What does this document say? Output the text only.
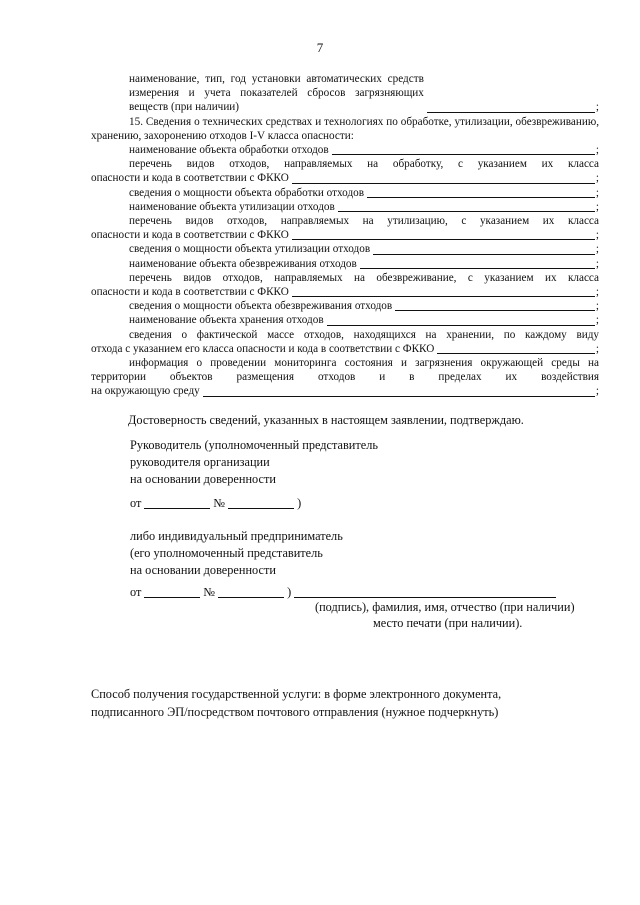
7
наименование, тип, год установки автоматических средств измерения и учета показателей сбросов загрязняющих веществ (при наличии)	;
15. Сведения о технических средствах и технологиях по обработке, утилизации, обезвреживанию, хранению, захоронению отходов I-V класса опасности:
наименование объекта обработки отходов	;
перечень видов отходов, направляемых на обработку, с указанием их класса
опасности и кода в соответствии с ФККО	;
сведения о мощности объекта обработки отходов	;
наименование объекта утилизации отходов	;
перечень видов отходов, направляемых на утилизацию, с указанием их класса
опасности и кода в соответствии с ФККО	;
сведения о мощности объекта утилизации отходов	;
наименование объекта обезвреживания отходов	;
перечень видов отходов, направляемых на обезвреживание, с указанием их класса
опасности и кода в соответствии с ФККО	;
сведения о мощности объекта обезвреживания отходов	;
наименование объекта хранения отходов	;
сведения о фактической массе отходов, находящихся на хранении, по каждому виду
отхода с указанием его класса опасности и кода в соответствии с ФККО	;
информация о проведении мониторинга состояния и загрязнения окружающей среды на территории объектов размещения отходов и в пределах их воздействия
на окружающую среду	;
Достоверность сведений, указанных в настоящем заявлении, подтверждаю.
Руководитель (уполномоченный представитель
руководителя организации
на основании доверенности
от	№	)
либо индивидуальный предприниматель
(его уполномоченный представитель
на основании доверенности
от	№	)
(подпись), фамилия, имя, отчество (при наличии)
место печати (при наличии).
Способ получения государственной услуги: в форме электронного документа,
подписанного ЭП/посредством почтового отправления (нужное подчеркнуть)
